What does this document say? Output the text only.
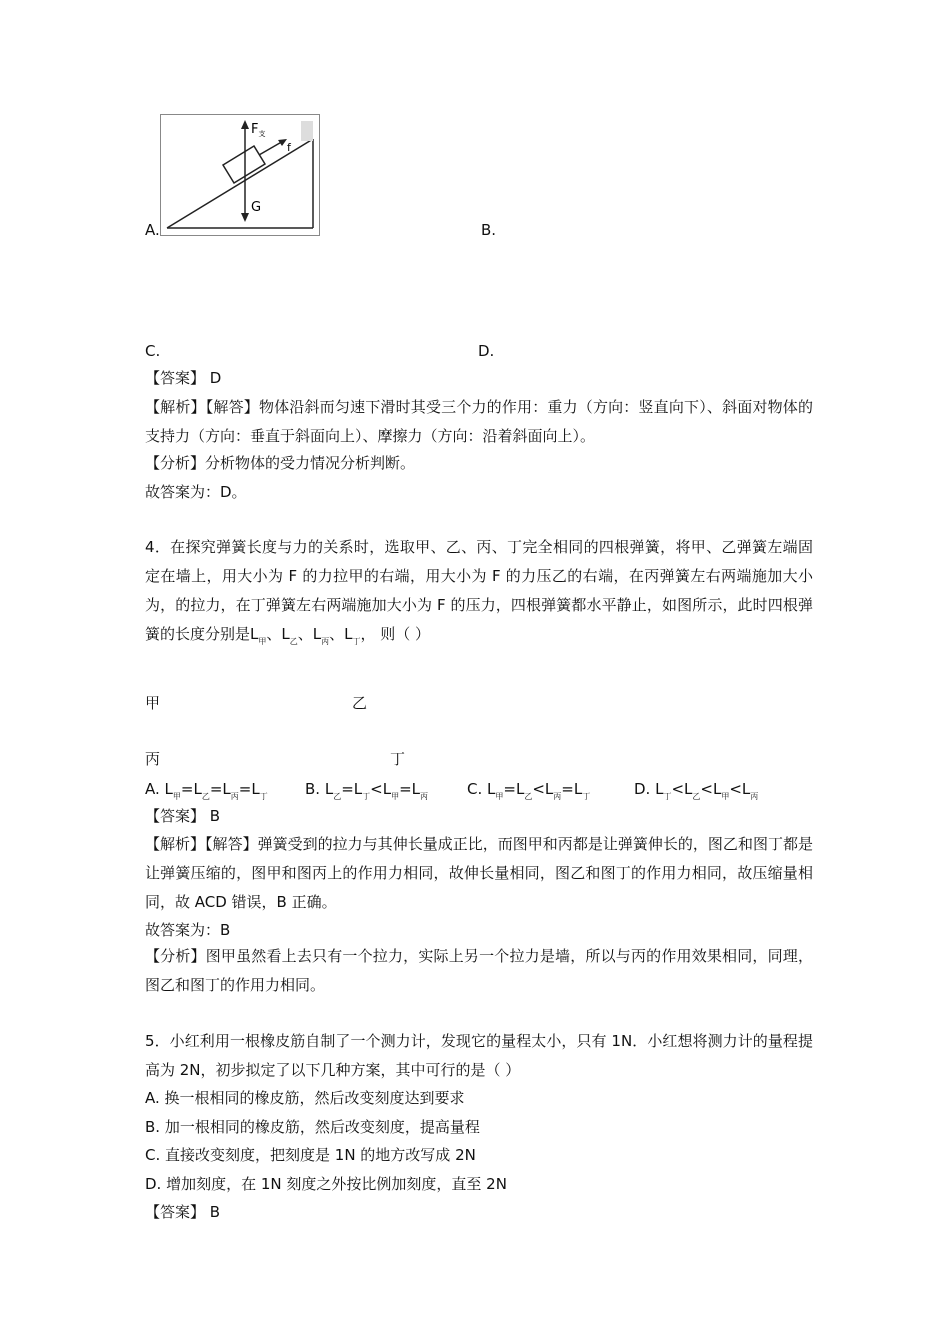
$F_支$
f
G
A.	B.
C.	D.
【答案】 D
【解析】【解答】物体沿斜而匀速下滑时其受三个力的作用：重力（方向：竖直向下）、斜面对物体的支持力（方向：垂直于斜面向上）、摩擦力（方向：沿着斜面向上）。
【分析】分析物体的受力情况分析判断。
故答案为：D。
4．在探究弹簧长度与力的关系时，选取甲、乙、丙、丁完全相同的四根弹簧，将甲、乙弹簧左端固定在墙上，用大小为 F 的力拉甲的右端，用大小为 F 的力压乙的右端，在丙弹簧左右两端施加大小为，的拉力，在丁弹簧左右两端施加大小为 F 的压力，四根弹簧都水平静止，如图所示，此时四根弹簧的长度分别是$L_甲$、$L_乙$、$L_丙$、$L_丁$， 则（ ）
甲	乙
丙	丁
A. $L_甲=L_乙=L_丙=L_丁$ B. $L_乙=L_丁<L_甲=L_丙$	C. $L_甲=L_乙<L_丙=L_丁$	D. $L_丁<L_乙<L_甲<L_丙$
【答案】 B
【解析】【解答】弹簧受到的拉力与其伸长量成正比，而图甲和丙都是让弹簧伸长的，图乙和图丁都是让弹簧压缩的，图甲和图丙上的作用力相同，故伸长量相同，图乙和图丁的作用力相同，故压缩量相同，故 ACD 错误，B 正确。
故答案为：B
【分析】图甲虽然看上去只有一个拉力，实际上另一个拉力是墙，所以与丙的作用效果相同，同理，图乙和图丁的作用力相同。
5．小红利用一根橡皮筋自制了一个测力计，发现它的量程太小，只有 1N．小红想将测力计的量程提高为 2N，初步拟定了以下几种方案，其中可行的是（ ）
A. 换一根相同的橡皮筋，然后改变刻度达到要求
B. 加一根相同的橡皮筋，然后改变刻度，提高量程
C. 直接改变刻度，把刻度是 1N 的地方改写成 2N
D. 增加刻度，在 1N 刻度之外按比例加刻度，直至 2N
【答案】 B
